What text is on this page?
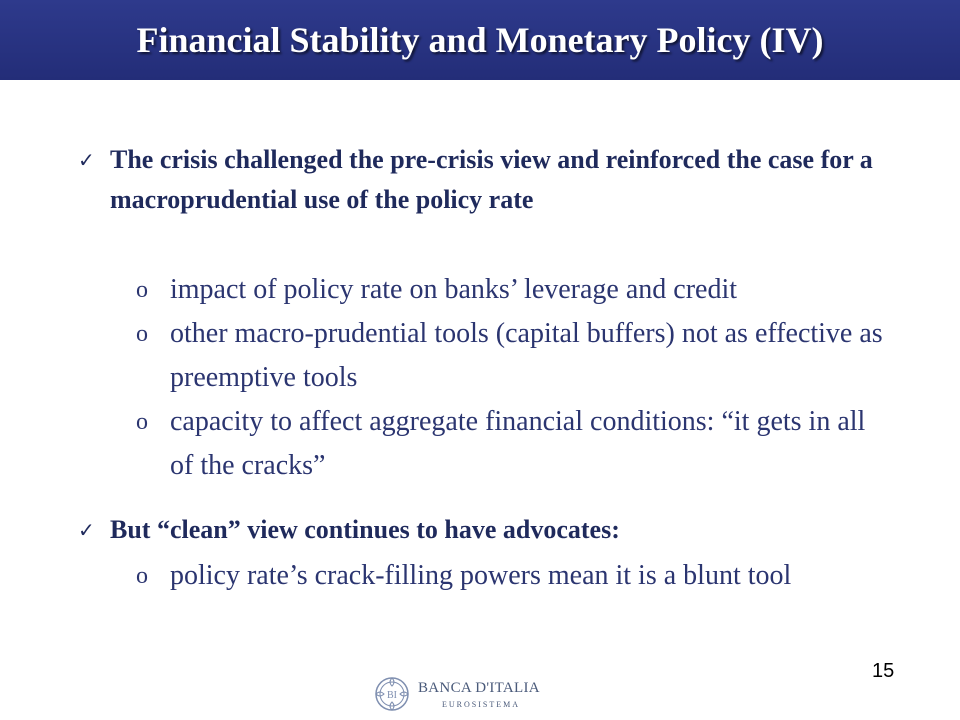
Financial Stability and Monetary Policy (IV)
✓ The crisis challenged the pre-crisis view and reinforced the case for a macroprudential use of the policy rate
o impact of policy rate on banks’ leverage and credit
o other macro-prudential tools (capital buffers) not as effective as preemptive tools
o capacity to affect aggregate financial conditions: “it gets in all of the cracks”
✓ But “clean” view continues to have advocates:
o policy rate’s crack-filling powers mean it is a blunt tool
15
BI BANCA D'ITALIA
EUROSISTEMA
